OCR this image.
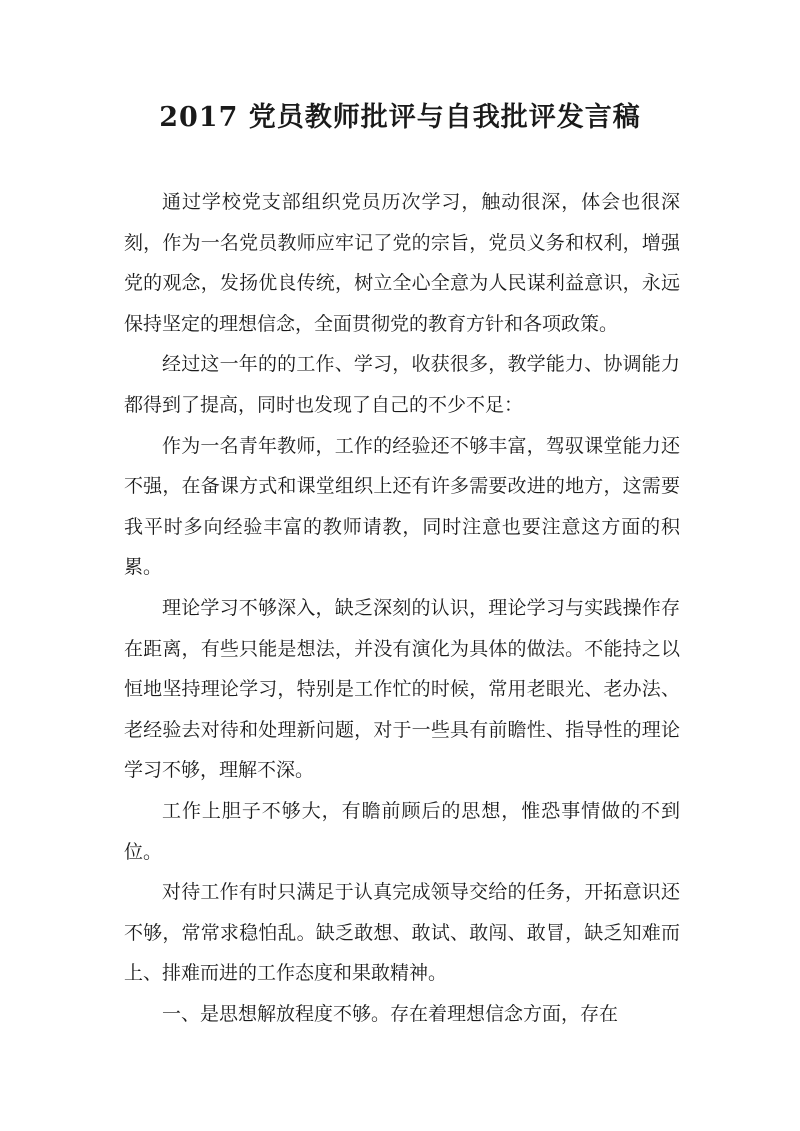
2017 党员教师批评与自我批评发言稿

通过学校党支部组织党员历次学习，触动很深，体会也很深刻，作为一名党员教师应牢记了党的宗旨，党员义务和权利，增强党的观念，发扬优良传统，树立全心全意为人民谋利益意识，永远保持坚定的理想信念，全面贯彻党的教育方针和各项政策。

经过这一年的的工作、学习，收获很多，教学能力、协调能力都得到了提高，同时也发现了自己的不少不足：

作为一名青年教师，工作的经验还不够丰富，驾驭课堂能力还不强，在备课方式和课堂组织上还有许多需要改进的地方，这需要我平时多向经验丰富的教师请教，同时注意也要注意这方面的积累。

理论学习不够深入，缺乏深刻的认识，理论学习与实践操作存在距离，有些只能是想法，并没有演化为具体的做法。不能持之以恒地坚持理论学习，特别是工作忙的时候，常用老眼光、老办法、老经验去对待和处理新问题，对于一些具有前瞻性、指导性的理论学习不够，理解不深。

工作上胆子不够大，有瞻前顾后的思想，惟恐事情做的不到位。

对待工作有时只满足于认真完成领导交给的任务，开拓意识还不够，常常求稳怕乱。缺乏敢想、敢试、敢闯、敢冒，缺乏知难而上、排难而进的工作态度和果敢精神。

一、是思想解放程度不够。存在着理想信念方面，存在
